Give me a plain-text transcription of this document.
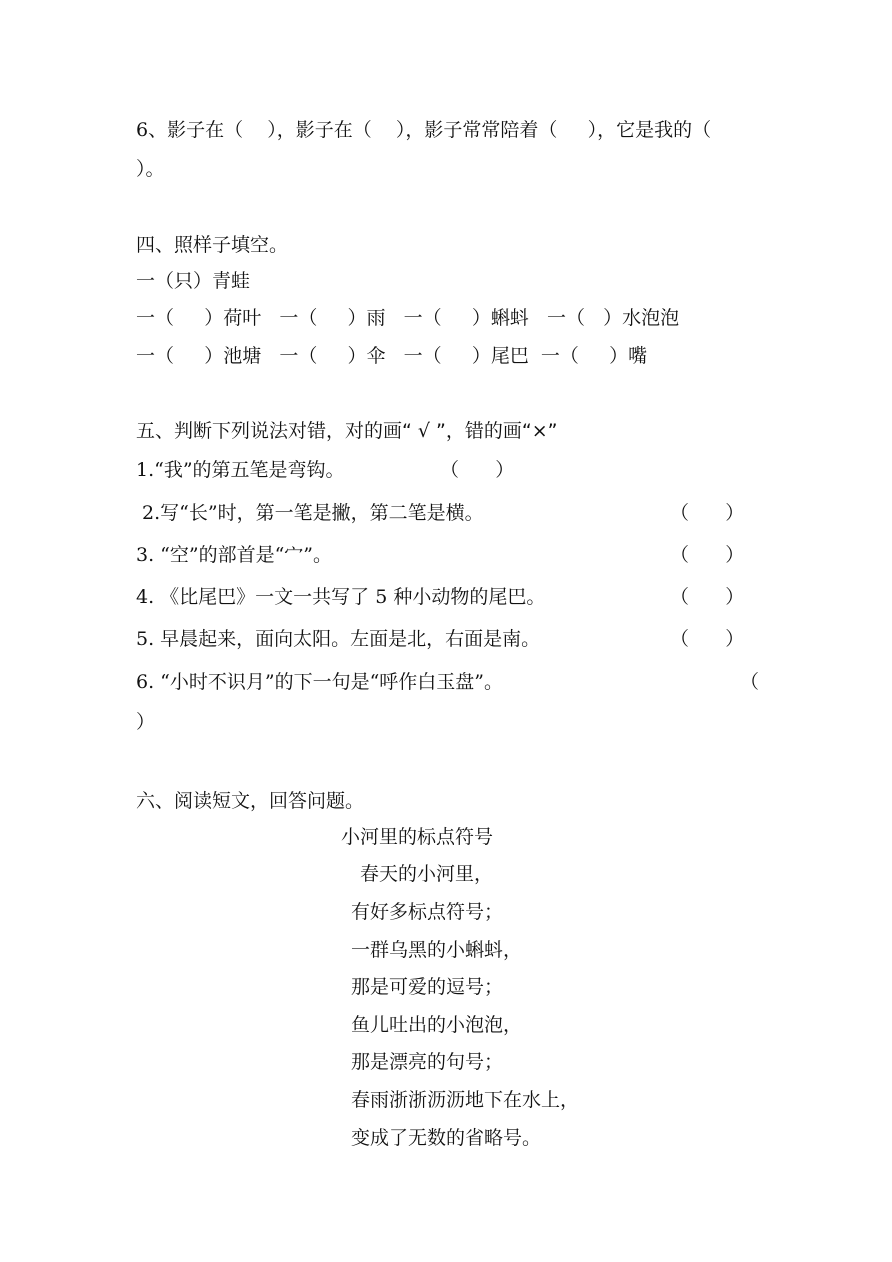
6、影子在（    ），影子在（    ），影子常常陪着（     ），它是我的（
）。
四、照样子填空。
一（只）青蛙
一（     ）荷叶   一（     ）雨   一（     ）蝌蚪   一（   ）水泡泡
一（     ）池塘   一（     ）伞   一（     ）尾巴  一（     ）嘴
五、判断下列说法对错，对的画“ √ ”，错的画“×”
1.“我”的第五笔是弯钩。	（      ）
2.写“长”时，第一笔是撇，第二笔是横。	（      ）
3. “空”的部首是“宀”。	（      ）
4. 《比尾巴》一文一共写了 5 种小动物的尾巴。	（      ）
5. 早晨起来，面向太阳。左面是北，右面是南。	（      ）
6. “小时不识月”的下一句是“呼作白玉盘”。	（
）
六、阅读短文，回答问题。
小河里的标点符号
春天的小河里，
有好多标点符号；
一群乌黑的小蝌蚪，
那是可爱的逗号；
鱼儿吐出的小泡泡，
那是漂亮的句号；
春雨浙浙沥沥地下在水上，
变成了无数的省略号。
